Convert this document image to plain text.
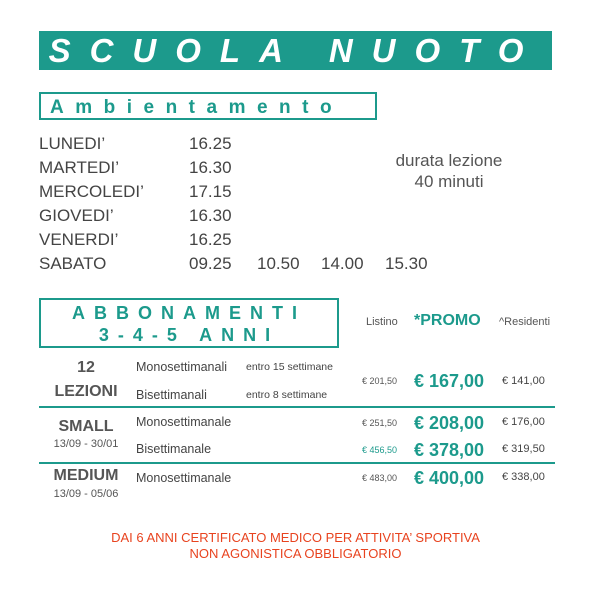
SCUOLA NUOTO
Ambientamento
LUNEDI’	16.25
MARTEDI’	16.30
MERCOLEDI’	17.15
GIOVEDI’	16.30
VENERDI’	16.25
SABATO	09.25 10.50 14.00 15.30
durata lezione
40 minuti
ABBONAMENTI
3-4-5 ANNI
Listino *PROMO ^Residenti
12
LEZIONI
Monosettimanali entro 15 settimane
Bisettimanali	entro 8 settimane
€ 201,50 € 167,00 € 141,00
SMALL
13/09 - 30/01
Monosettimanale	€ 251,50 € 208,00 € 176,00
Bisettimanale	€ 456,50 € 378,00 € 319,50
MEDIUM
13/09 - 05/06
Monosettimanale	€ 483,00 € 400,00 € 338,00
DAI 6 ANNI CERTIFICATO MEDICO PER ATTIVITA’ SPORTIVA
NON AGONISTICA OBBLIGATORIO
